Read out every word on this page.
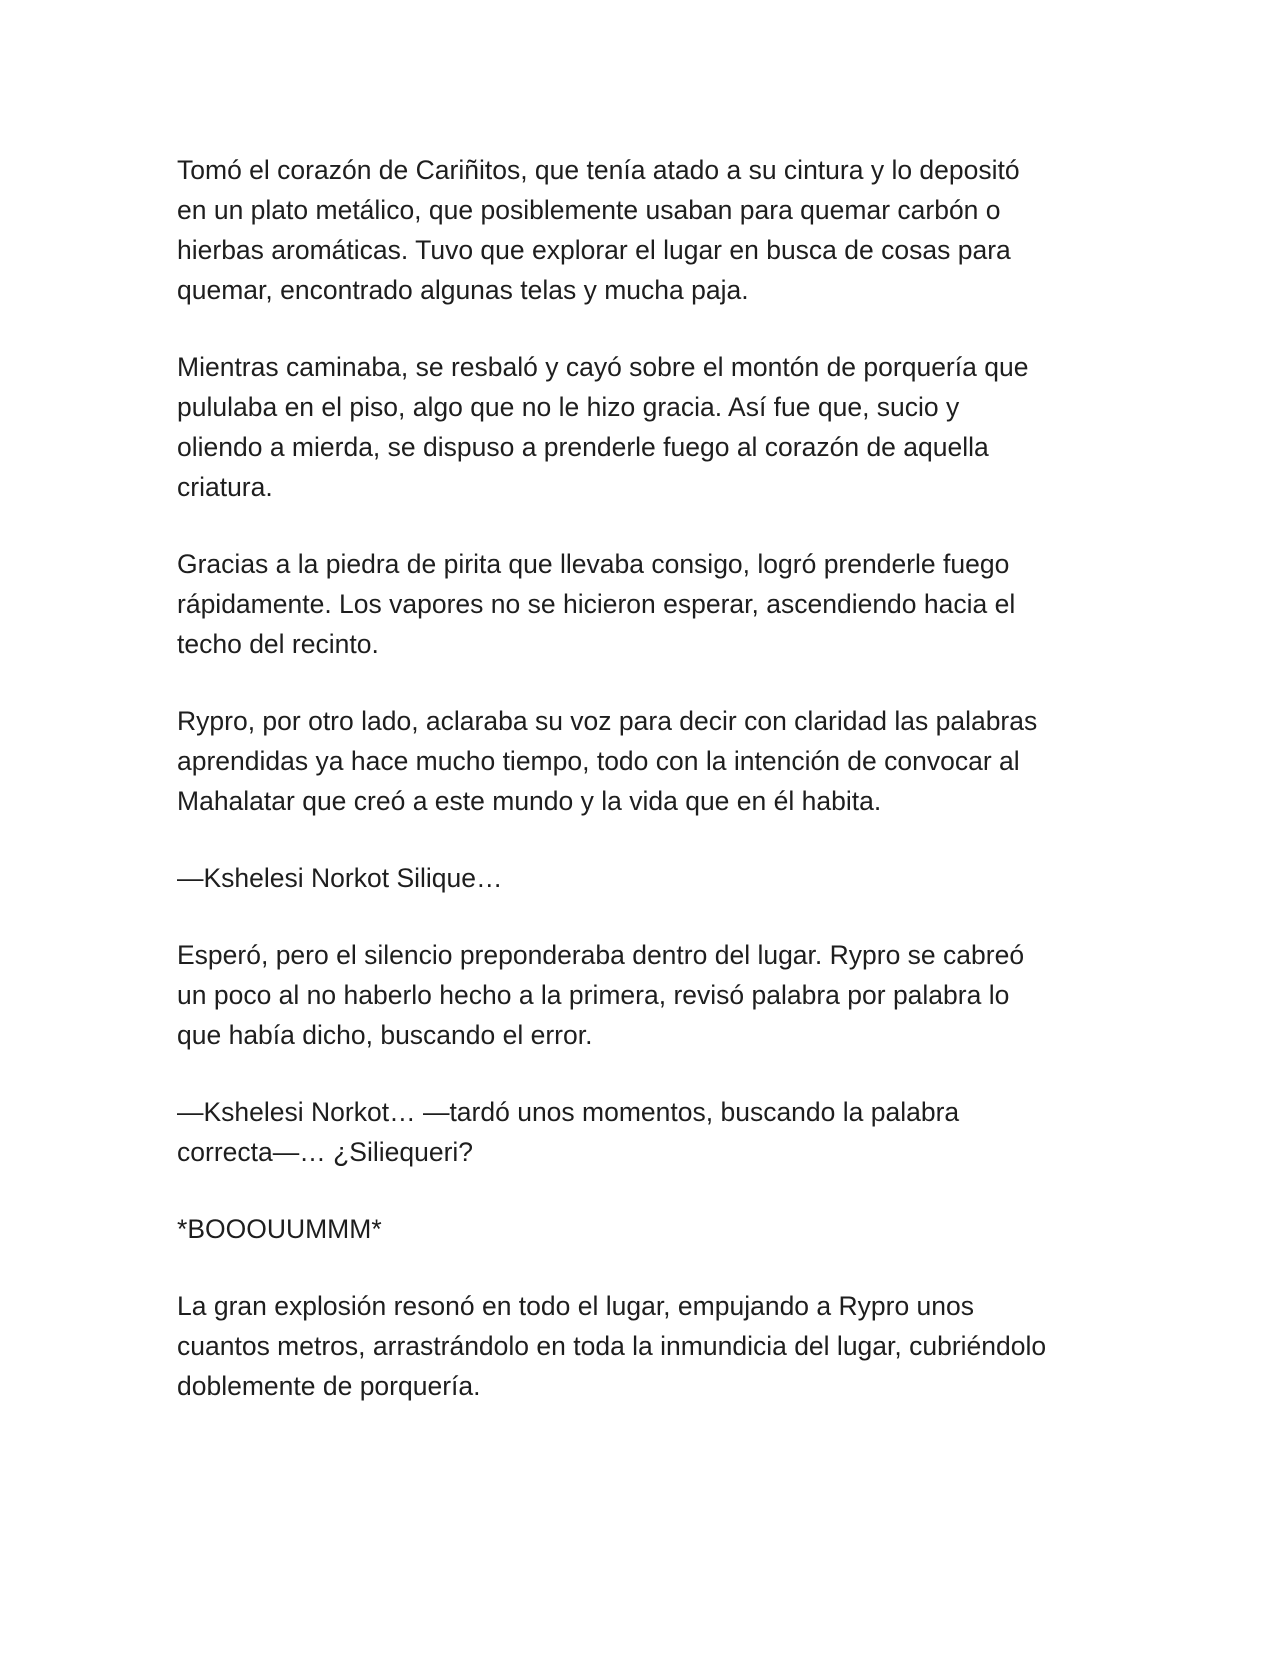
Tomó el corazón de Cariñitos, que tenía atado a su cintura y lo depositó
en un plato metálico, que posiblemente usaban para quemar carbón o
hierbas aromáticas. Tuvo que explorar el lugar en busca de cosas para
quemar, encontrado algunas telas y mucha paja.

Mientras caminaba, se resbaló y cayó sobre el montón de porquería que
pululaba en el piso, algo que no le hizo gracia. Así fue que, sucio y
oliendo a mierda, se dispuso a prenderle fuego al corazón de aquella
criatura.

Gracias a la piedra de pirita que llevaba consigo, logró prenderle fuego
rápidamente. Los vapores no se hicieron esperar, ascendiendo hacia el
techo del recinto.

Rypro, por otro lado, aclaraba su voz para decir con claridad las palabras
aprendidas ya hace mucho tiempo, todo con la intención de convocar al
Mahalatar que creó a este mundo y la vida que en él habita.

—Kshelesi Norkot Silique…

Esperó, pero el silencio preponderaba dentro del lugar. Rypro se cabreó
un poco al no haberlo hecho a la primera, revisó palabra por palabra lo
que había dicho, buscando el error.

—Kshelesi Norkot… —tardó unos momentos, buscando la palabra
correcta—… ¿Siliequeri?

*BOOOUUMMM*

La gran explosión resonó en todo el lugar, empujando a Rypro unos
cuantos metros, arrastrándolo en toda la inmundicia del lugar, cubriéndolo
doblemente de porquería.
